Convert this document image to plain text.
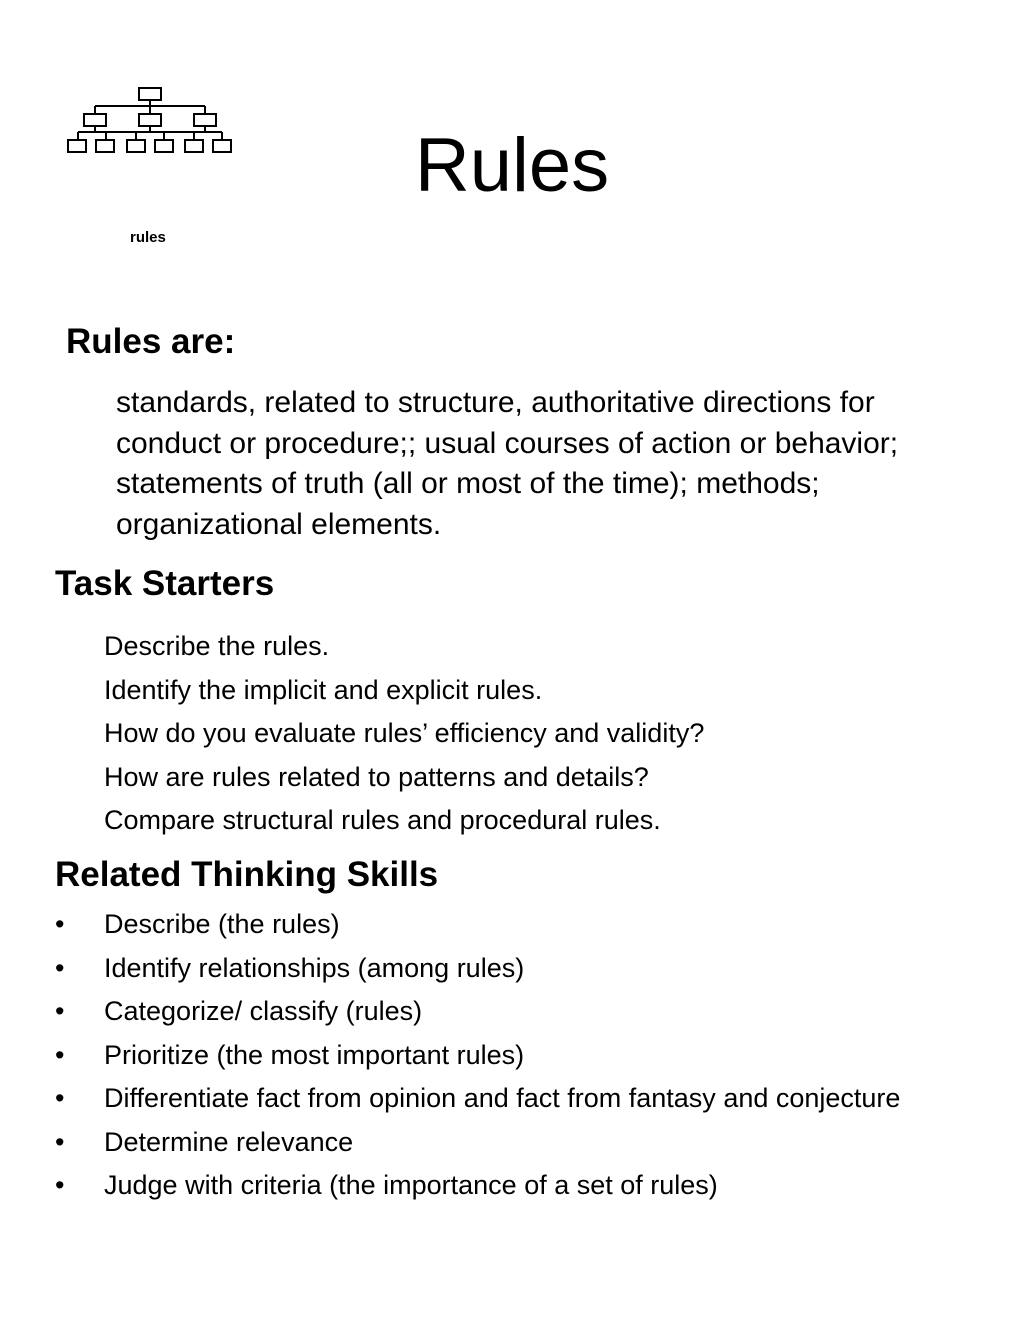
rules
Rules
Rules are:

standards, related to structure, authoritative directions for conduct or procedure;; usual courses of action or behavior; statements of truth (all or most of the time); methods; organizational elements.

Task Starters
Describe the rules.
Identify the implicit and explicit rules.
How do you evaluate rules’ efficiency and validity?
How are rules related to patterns and details?
Compare structural rules and procedural rules.
Related Thinking Skills
• Describe (the rules)
• Identify relationships (among rules)
• Categorize/ classify (rules)
• Prioritize (the most important rules)
• Differentiate fact from opinion and fact from fantasy and conjecture
• Determine relevance
• Judge with criteria (the importance of a set of rules)
